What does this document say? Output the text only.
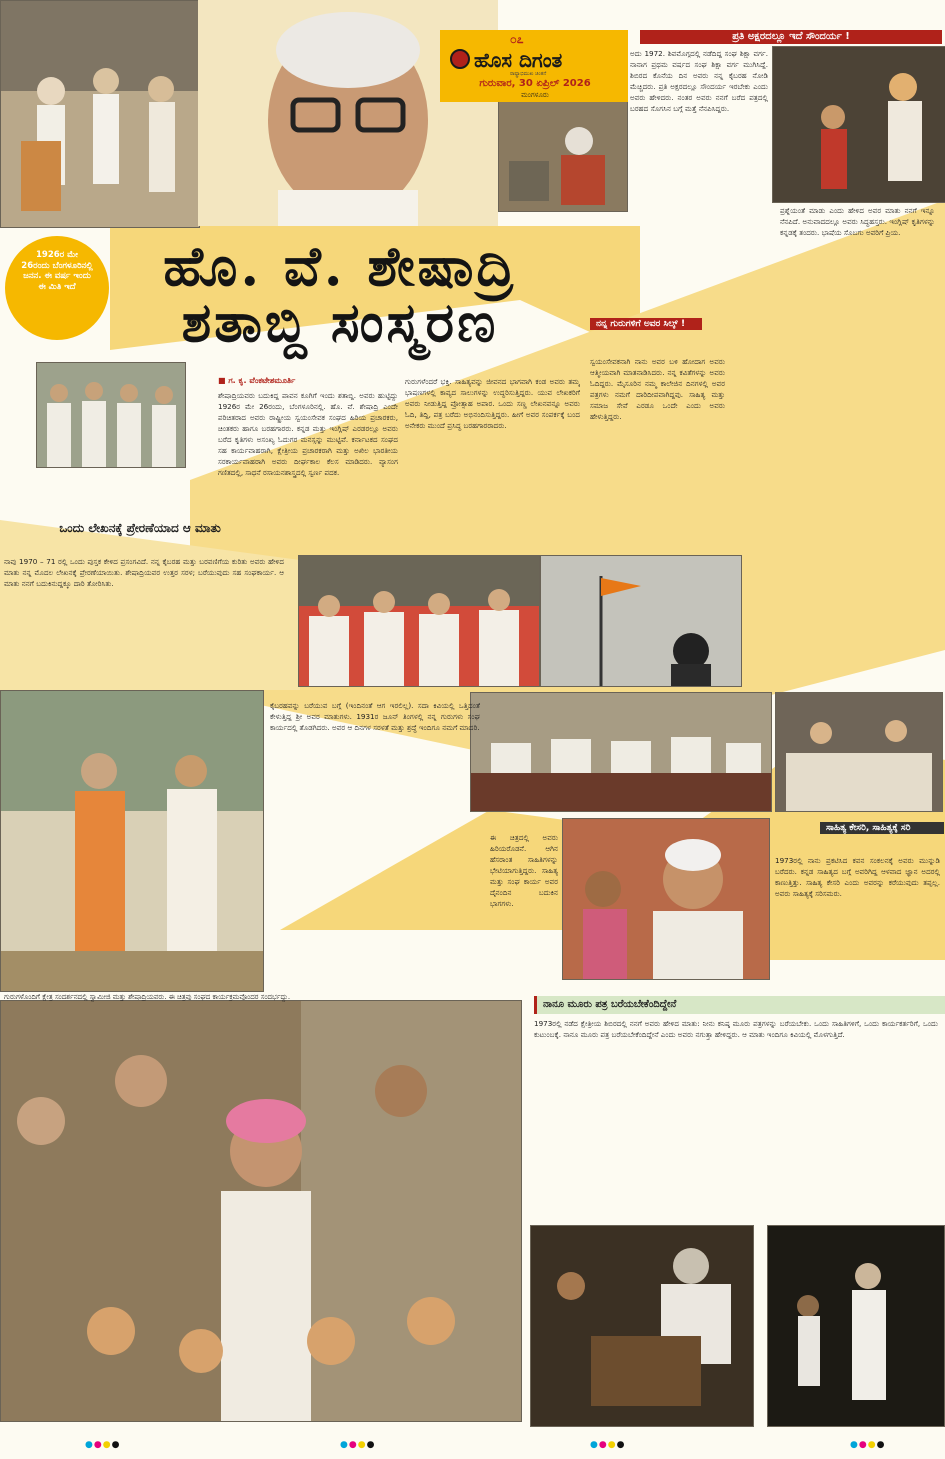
೦೭
ಹೊಸ ದಿಗಂತ
ರಾಷ್ಟ್ರಾಭಿಮುಖ ಚಿಂತನೆ
ಗುರುವಾರ, 30 ಏಪ್ರಿಲ್ 2026
ಮಂಗಳೂರು
ಪ್ರತಿ ಅಕ್ಷರದಲ್ಲೂ ಇದೆ ಸೌಂದರ್ಯ !
ಅದು 1972. ಶಿವಮೊಗ್ಗದಲ್ಲಿ ನಡೆದಿದ್ದ ಸಂಘ ಶಿಕ್ಷಾ ವರ್ಗ. ನಾನಾಗ ಪ್ರಥಮ ವರ್ಷದ ಸಂಘ ಶಿಕ್ಷಾ ವರ್ಗ ಮುಗಿಸಿದ್ದೆ. ಶಿಬಿರದ ಕೊನೆಯ ದಿನ ಅವರು ನನ್ನ ಕೈಬರಹ ನೋಡಿ ಮೆಚ್ಚಿದರು. ಪ್ರತಿ ಅಕ್ಷರದಲ್ಲೂ ಸೌಂದರ್ಯ ಇರಬೇಕು ಎಂದು ಅವರು ಹೇಳಿದರು. ನಂತರ ಅವರು ನನಗೆ ಬರೆದ ಪತ್ರದಲ್ಲಿ ಬರಹದ ಸೊಗಸಿನ ಬಗ್ಗೆ ಮತ್ತೆ ನೆನಪಿಸಿದ್ದರು.
ಪ್ರಶ್ನೆಯಂತೆ ಮಾಡು ಎಂದು ಹೇಳಿದ ಅವರ ಮಾತು ನನಗೆ ಇನ್ನೂ ನೆನಪಿದೆ. ಅನುವಾದದಲ್ಲೂ ಅವರು ಸಿದ್ಧಹಸ್ತರು. ಇಂಗ್ಲಿಷ್ ಕೃತಿಗಳನ್ನು ಕನ್ನಡಕ್ಕೆ ತಂದರು. ಭಾಷೆಯ ಸೊಬಗು ಅವರಿಗೆ ಪ್ರಿಯ.
1926ರ ಮೇ 26ರಂದು ಬೆಂಗಳೂರಿನಲ್ಲಿ ಜನನ. ಈ ವರ್ಷ ಇಂದು ಈ ಮಿತಿ ಇದೆ	ಹೊ. ವೆ. ಶೇಷಾದ್ರಿ
ಶತಾಬ್ದಿ ಸಂಸ್ಮರಣ	ನನ್ನ ಗುರುಗಳಿಗೆ ಅವರ ಸಿಲ್ಕ್ !
■ ಗ. ಕೃ. ವೆಂಕಟೇಶಮೂರ್ತಿ
ಶೇಷಾದ್ರಿಯವರು ಬದುಕಿದ್ದ ಪಾವನ ಕೂಗಿಗೆ ಇಂದು ಶತಾಬ್ದಿ. ಅವರು ಹುಟ್ಟಿದ್ದು 1926ರ ಮೇ 26ರಂದು, ಬೆಂಗಳೂರಿನಲ್ಲಿ. ಹೊ. ವೆ. ಶೇಷಾದ್ರಿ ಎಂದೇ ಪರಿಚಿತರಾದ ಅವರು ರಾಷ್ಟ್ರೀಯ ಸ್ವಯಂಸೇವಕ ಸಂಘದ ಹಿರಿಯ ಪ್ರಚಾರಕರು, ಚಿಂತಕರು ಹಾಗೂ ಬರಹಗಾರರು. ಕನ್ನಡ ಮತ್ತು ಇಂಗ್ಲಿಷ್ ಎರಡರಲ್ಲೂ ಅವರು ಬರೆದ ಕೃತಿಗಳು ಅಸಂಖ್ಯ ಓದುಗರ ಮನಸ್ಸನ್ನು ಮುಟ್ಟಿವೆ. ಕರ್ನಾಟಕದ ಸಂಘದ ಸಹ ಕಾರ್ಯವಾಹರಾಗಿ, ಕ್ಷೇತ್ರೀಯ ಪ್ರಚಾರಕರಾಗಿ ಮತ್ತು ಅಖಿಲ ಭಾರತೀಯ ಸರಕಾರ್ಯವಾಹರಾಗಿ ಅವರು ದೀರ್ಘಕಾಲ ಕೆಲಸ ಮಾಡಿದರು. ವ್ಯಾಸಂಗ ಗಣಿತದಲ್ಲಿ, ಸಾಧನೆ ರಸಾಯನಶಾಸ್ತ್ರದಲ್ಲಿ ಸ್ವರ್ಣ ಪದಕ.
ಗುರುಗಳೆಂದರೆ ಭಕ್ತಿ. ಸಾಹಿತ್ಯವನ್ನು ಜೀವನದ ಭಾಗವಾಗಿ ಕಂಡ ಅವರು ತಮ್ಮ ಭಾಷಣಗಳಲ್ಲಿ ಕಾವ್ಯದ ಸಾಲುಗಳನ್ನು ಉದ್ಧರಿಸುತ್ತಿದ್ದರು. ಯುವ ಲೇಖಕರಿಗೆ ಅವರು ನೀಡುತ್ತಿದ್ದ ಪ್ರೋತ್ಸಾಹ ಅಪಾರ. ಒಂದು ಸಣ್ಣ ಲೇಖನವನ್ನೂ ಅವರು ಓದಿ, ತಿದ್ದಿ, ಪತ್ರ ಬರೆದು ಅಭಿನಂದಿಸುತ್ತಿದ್ದರು. ಹೀಗೆ ಅವರ ಸಂಪರ್ಕಕ್ಕೆ ಬಂದ ಅನೇಕರು ಮುಂದೆ ಪ್ರಸಿದ್ಧ ಬರಹಗಾರರಾದರು.
ಸ್ವಯಂಸೇವಕನಾಗಿ ನಾನು ಅವರ ಬಳಿ ಹೋದಾಗ ಅವರು ಆತ್ಮೀಯವಾಗಿ ಮಾತನಾಡಿಸಿದರು. ನನ್ನ ಕವಿತೆಗಳನ್ನು ಅವರು ಓದಿದ್ದರು. ಮೈಸೂರಿನ ನಮ್ಮ ಕಾಲೇಜಿನ ದಿನಗಳಲ್ಲಿ ಅವರ ಪತ್ರಗಳು ನಮಗೆ ದಾರಿದೀಪವಾಗಿದ್ದವು. ಸಾಹಿತ್ಯ ಮತ್ತು ಸಮಾಜ ಸೇವೆ ಎರಡೂ ಒಂದೇ ಎಂದು ಅವರು ಹೇಳುತ್ತಿದ್ದರು.
ಒಂದು ಲೇಖನಕ್ಕೆ ಪ್ರೇರಣೆಯಾದ ಆ ಮಾತು
ನಾವು 1970 – 71 ರಲ್ಲಿ ಒಂದು ಪುಸ್ತಕ ಕೇಳಿದ ಪ್ರಸಂಗವಿದೆ. ನನ್ನ ಕೈಬರಹ ಮತ್ತು ಬರವಣಿಗೆಯ ಕುರಿತು ಅವರು ಹೇಳಿದ ಮಾತು ನನ್ನ ಮೊದಲ ಲೇಖನಕ್ಕೆ ಪ್ರೇರಣೆಯಾಯಿತು. ಶೇಷಾದ್ರಿಯವರ ಉತ್ತರ ಸರಳ; ಬರೆಯುವುದು ಸಹ ಸಂಘಕಾರ್ಯ. ಆ ಮಾತು ನನಗೆ ಬದುಕಿನುದ್ದಕ್ಕೂ ದಾರಿ ತೋರಿಸಿತು.
ಕೈಬರಹವನ್ನು ಬರೆಯುವ ಬಗ್ಗೆ (ಇಂದಿನಂತೆ ಆಗ ಇರಲಿಲ್ಲ). ಸದಾ ಕಿವಿಯಲ್ಲಿ ಒತ್ತಿದಂತೆ ಕೇಳುತ್ತಿದ್ದ ಶ್ರೀ ಅವರ ಮಾತುಗಳು. 1931ರ ಜೂನ್ ತಿಂಗಳಲ್ಲಿ ನನ್ನ ಗುರುಗಳು ಸಂಘ ಕಾರ್ಯದಲ್ಲಿ ತೊಡಗಿದರು. ಅವರ ಆ ದಿನಗಳ ಸರಳತೆ ಮತ್ತು ಶ್ರದ್ಧೆ ಇಂದಿಗೂ ನಮಗೆ ಮಾದರಿ.
ಈ ಚಿತ್ರದಲ್ಲಿ ಅವರು ಹಿರಿಯರೊಡನೆ. ಆಗಿನ ಹೆಸರಾಂತ ಸಾಹಿತಿಗಳನ್ನು ಭೇಟಿಯಾಗುತ್ತಿದ್ದರು. ಸಾಹಿತ್ಯ ಮತ್ತು ಸಂಘ ಕಾರ್ಯ ಅವರ ದೈನಂದಿನ ಬದುಕಿನ ಭಾಗಗಳು.
ಸಾಹಿತ್ಯ ಕೇಸರಿ, ಸಾಹಿತ್ಯಕ್ಕೆ ಸರಿ
1973ರಲ್ಲಿ ನಾನು ಪ್ರಕಟಿಸಿದ ಕವನ ಸಂಕಲನಕ್ಕೆ ಅವರು ಮುನ್ನುಡಿ ಬರೆದರು. ಕನ್ನಡ ಸಾಹಿತ್ಯದ ಬಗ್ಗೆ ಅವರಿಗಿದ್ದ ಆಳವಾದ ಜ್ಞಾನ ಅದರಲ್ಲಿ ಕಾಣುತ್ತಿತ್ತು. ಸಾಹಿತ್ಯ ಕೇಸರಿ ಎಂದು ಅವರನ್ನು ಕರೆಯುವುದು ತಪ್ಪಲ್ಲ. ಅವರು ಸಾಹಿತ್ಯಕ್ಕೆ ಸರಿಸಮರು.
ಗುರುಗಳೊಂದಿಗೆ ಕ್ಷೇತ್ರ ಸಂದರ್ಶನದಲ್ಲಿ ಸ್ವಾಮೀಜಿ ಮತ್ತು ಶೇಷಾದ್ರಿಯವರು. ಈ ಚಿತ್ರವು ಸಂಘದ ಕಾರ್ಯಕ್ರಮವೊಂದರ ಸಂದರ್ಭದ್ದು.
ನಾನೂ ಮೂರು ಪತ್ರ ಬರೆಯಬೇಕೆಂದಿದ್ದೇನೆ
1973ರಲ್ಲಿ ನಡೆದ ಕ್ಷೇತ್ರೀಯ ಶಿಬಿರದಲ್ಲಿ ನನಗೆ ಅವರು ಹೇಳಿದ ಮಾತು: ನೀನು ಕನಿಷ್ಠ ಮೂರು ಪತ್ರಗಳನ್ನು ಬರೆಯಬೇಕು. ಒಂದು ಸಾಹಿತಿಗಳಿಗೆ, ಒಂದು ಕಾರ್ಯಕರ್ತರಿಗೆ, ಒಂದು ಕುಟುಂಬಕ್ಕೆ. ನಾನೂ ಮೂರು ಪತ್ರ ಬರೆಯಬೇಕೆಂದಿದ್ದೇನೆ ಎಂದು ಅವರು ನಗುತ್ತಾ ಹೇಳಿದ್ದರು. ಆ ಮಾತು ಇಂದಿಗೂ ಕಿವಿಯಲ್ಲಿ ಮೊಳಗುತ್ತಿದೆ.
●●●●	●●●●	●●●●	●●●●
